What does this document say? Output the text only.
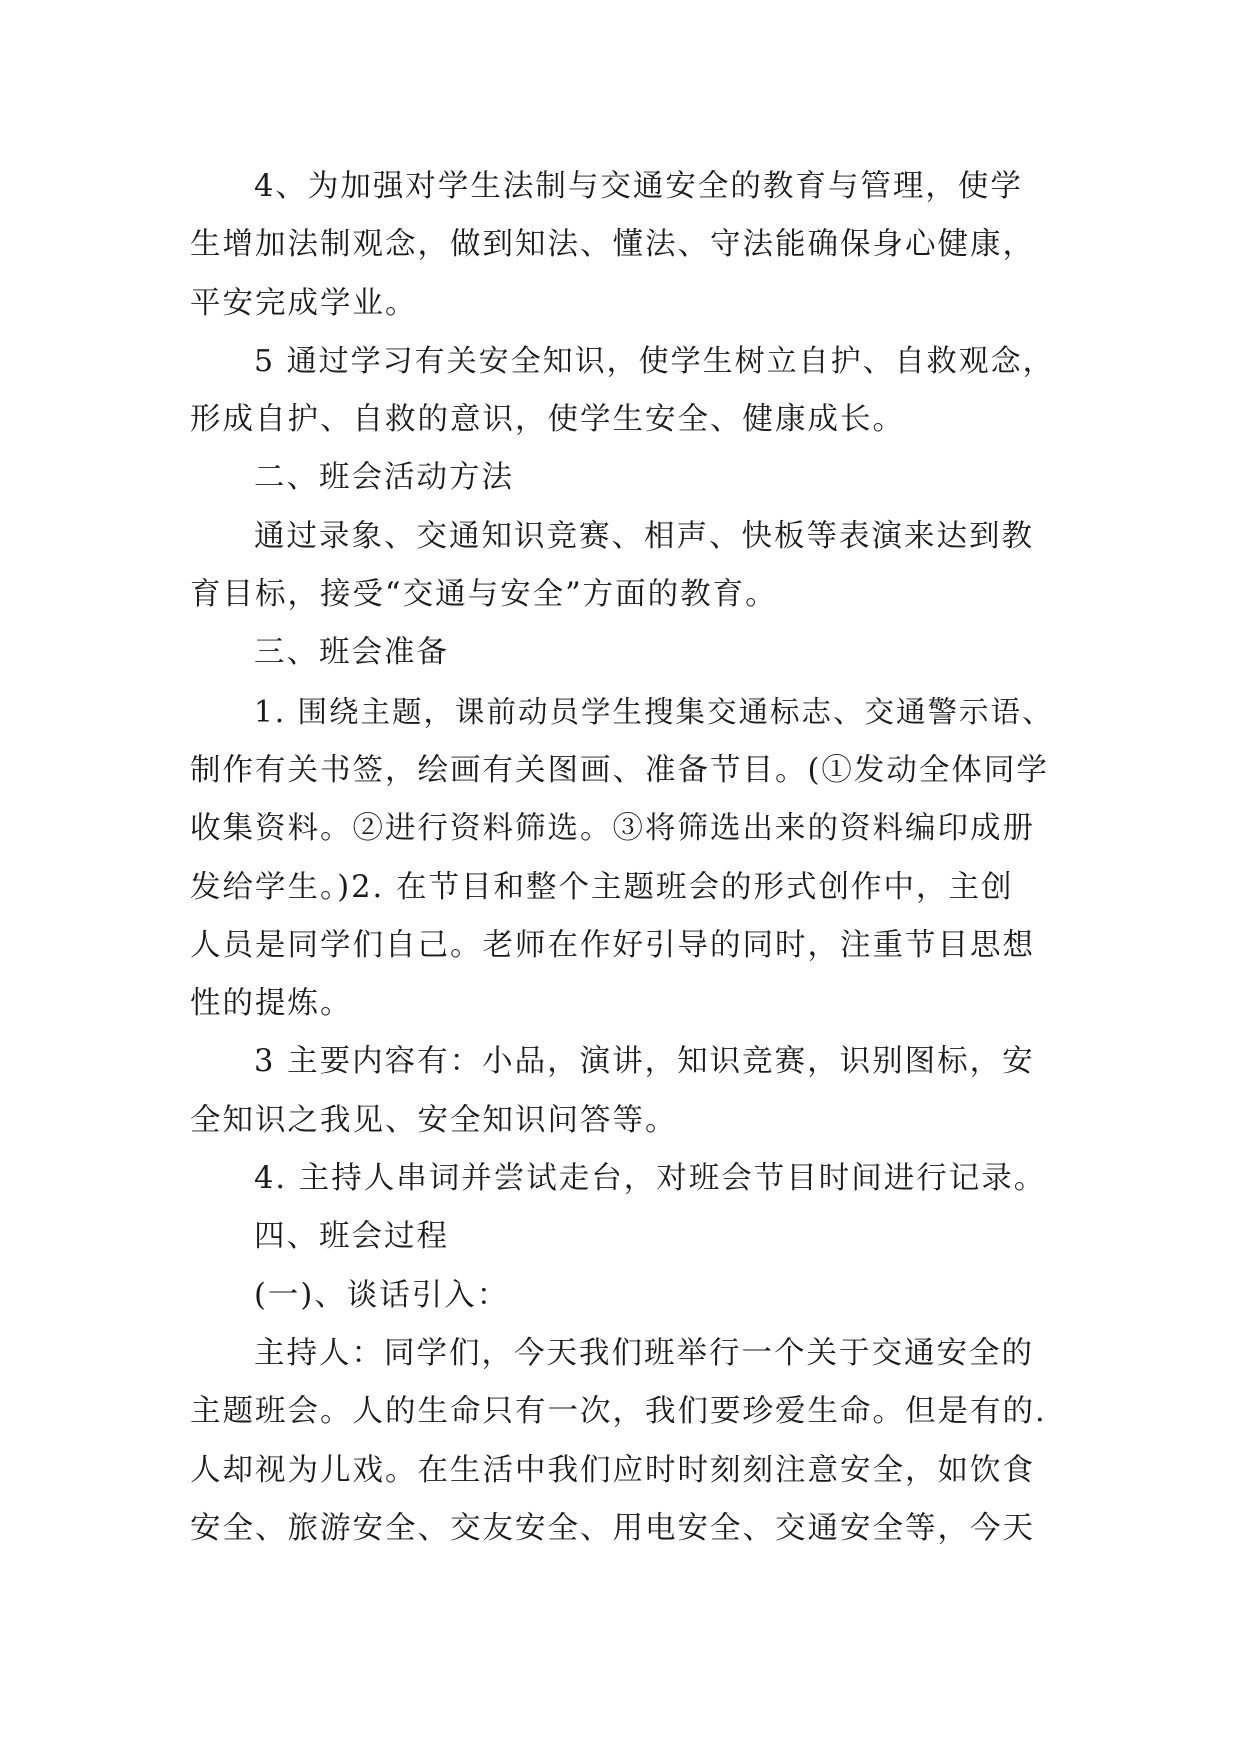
4、为加强对学生法制与交通安全的教育与管理，使学
生增加法制观念，做到知法、懂法、守法能确保身心健康，
平安完成学业。
5 通过学习有关安全知识，使学生树立自护、自救观念，
形成自护、自救的意识，使学生安全、健康成长。
二、班会活动方法
通过录象、交通知识竞赛、相声、快板等表演来达到教
育目标，接受“交通与安全”方面的教育。
三、班会准备
1. 围绕主题，课前动员学生搜集交通标志、交通警示语、
制作有关书签，绘画有关图画、准备节目。(①发动全体同学
收集资料。②进行资料筛选。③将筛选出来的资料编印成册
发给学生。)2. 在节目和整个主题班会的形式创作中，主创
人员是同学们自己。老师在作好引导的同时，注重节目思想
性的提炼。
3 主要内容有：小品，演讲，知识竞赛，识别图标，安
全知识之我见、安全知识问答等。
4. 主持人串词并尝试走台，对班会节目时间进行记录。
四、班会过程
(一)、谈话引入：
主持人：同学们，今天我们班举行一个关于交通安全的
主题班会。人的生命只有一次，我们要珍爱生命。但是有的.
人却视为儿戏。在生活中我们应时时刻刻注意安全，如饮食
安全、旅游安全、交友安全、用电安全、交通安全等，今天
